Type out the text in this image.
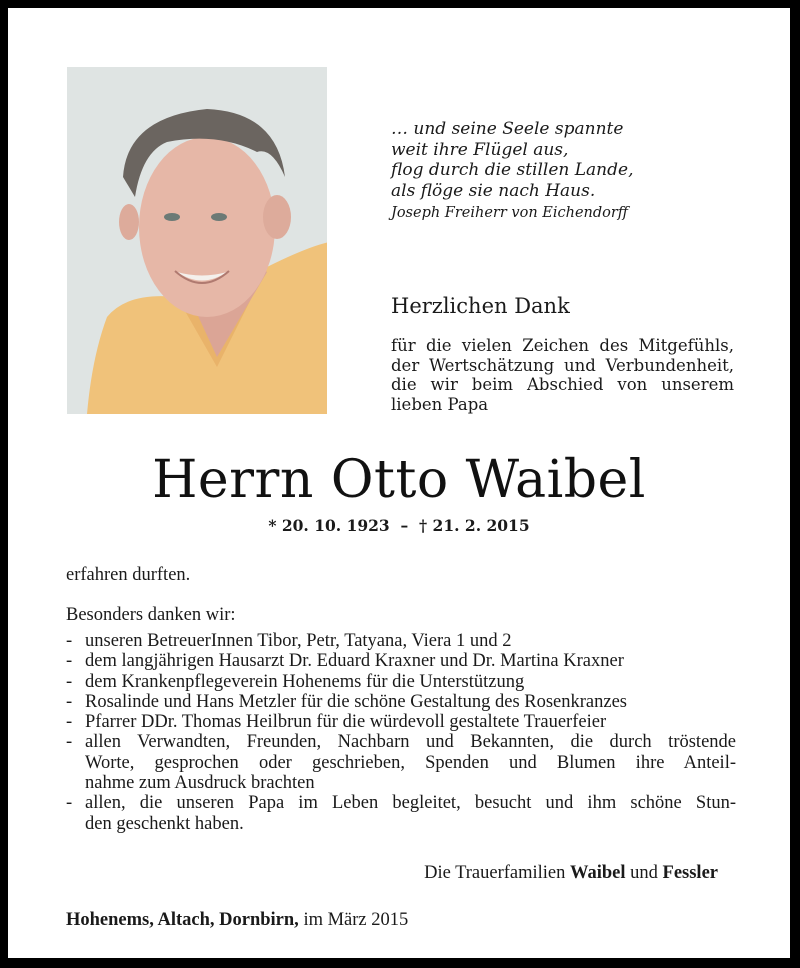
… und seine Seele spannte
weit ihre Flügel aus,
flog durch die stillen Lande,
als flöge sie nach Haus.
Joseph Freiherr von Eichendorff
Herzlichen Dank
für die vielen Zeichen des Mitgefühls,
der Wertschätzung und Verbundenheit,
die wir beim Abschied von unserem
lieben Papa
Herrn Otto Waibel
* 20. 10. 1923  –  † 21. 2. 2015
erfahren durften.
Besonders danken wir:
- unseren BetreuerInnen Tibor, Petr, Tatyana, Viera 1 und 2
- dem langjährigen Hausarzt Dr. Eduard Kraxner und Dr. Martina Kraxner
- dem Krankenpflegeverein Hohenems für die Unterstützung
- Rosalinde und Hans Metzler für die schöne Gestaltung des Rosenkranzes
- Pfarrer DDr. Thomas Heilbrun für die würdevoll gestaltete Trauerfeier
- allen Verwandten, Freunden, Nachbarn und Bekannten, die durch tröstende
Worte, gesprochen oder geschrieben, Spenden und Blumen ihre Anteil-
nahme zum Ausdruck brachten
- allen, die unseren Papa im Leben begleitet, besucht und ihm schöne Stun-
den geschenkt haben.
Die Trauerfamilien Waibel und Fessler
Hohenems, Altach, Dornbirn, im März 2015
